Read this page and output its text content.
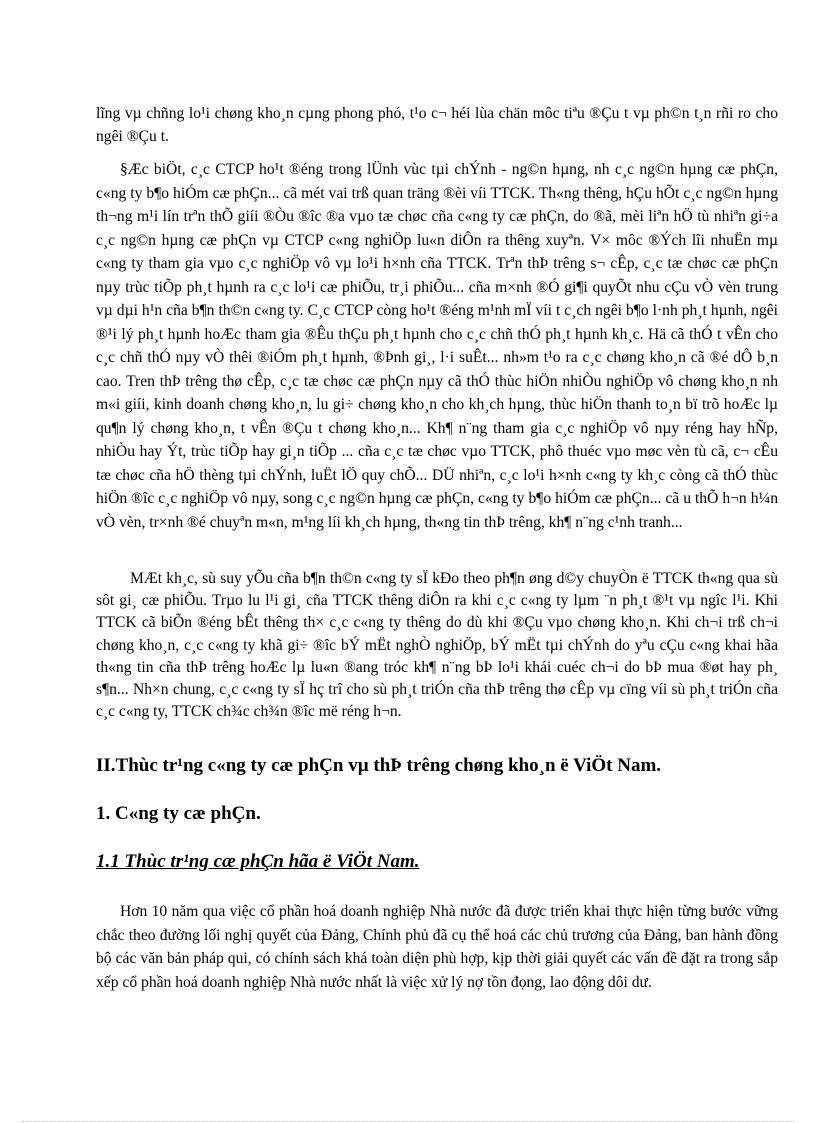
lĩng vµ chñng lo¹i chøng kho¸n cµng phong phó, t¹o c¬ héi lùa chän môc tiªu ®Çu t vµ ph©n t¸n rñi ro cho ngêi ®Çu t.

§Æc biÖt, c¸c CTCP ho¹t ®éng trong lÜnh vùc tµi chÝnh - ng©n hµng, nh c¸c ng©n hµng cæ phÇn, c«ng ty b¶o hiÓm cæ phÇn... cã mét vai trß quan träng ®èi víi TTCK. Th«ng thêng, hÇu hÕt c¸c ng©n hµng th¬ng m¹i lín trªn thÕ giíi ®Òu ®îc ®a vµo tæ chøc cña c«ng ty cæ phÇn, do ®ã, mèi liªn hÖ tù nhiªn gi÷a c¸c ng©n hµng cæ phÇn vµ CTCP c«ng nghiÖp lu«n diÔn ra thêng xuyªn. V× môc ®Ých lîi nhuËn mµ c«ng ty tham gia vµo c¸c nghiÖp vô vµ lo¹i h×nh cña TTCK. Trªn thÞ trêng s¬ cÊp, c¸c tæ chøc cæ phÇn nµy trùc tiÕp ph¸t hµnh ra c¸c lo¹i cæ phiÕu, tr¸i phiÕu... cña m×nh ®Ó gi¶i quyÕt nhu cÇu vÒ vèn trung vµ dµi h¹n cña b¶n th©n c«ng ty. C¸c CTCP còng ho¹t ®éng m¹nh mÏ víi t c¸ch ngêi b¶o l·nh ph¸t hµnh, ngêi ®¹i lý ph¸t hµnh hoÆc tham gia ®Êu thÇu ph¸t hµnh cho c¸c chñ thÓ ph¸t hµnh kh¸c. Hä cã thÓ t vÊn cho c¸c chñ thÓ nµy vÒ thêi ®iÓm ph¸t hµnh, ®Þnh gi¸, l·i suÊt... nh»m t¹o ra c¸c chøng kho¸n cã ®é dÔ b¸n cao. Tren thÞ trêng thø cÊp, c¸c tæ chøc cæ phÇn nµy cã thÓ thùc hiÖn nhiÒu nghiÖp vô chøng kho¸n nh m«i giíi, kinh doanh chøng kho¸n, lu gi÷ chøng kho¸n cho kh¸ch hµng, thùc hiÖn thanh to¸n bï trõ hoÆc lµ qu¶n lý chøng kho¸n, t vÊn ®Çu t chøng kho¸n... Kh¶ n¨ng tham gia c¸c nghiÖp vô nµy réng hay hÑp, nhiÒu hay Ýt, trùc tiÕp hay gi¸n tiÕp ... cña c¸c tæ chøc vµo TTCK, phô thuéc vµo møc vèn tù cã, c¬ cÊu tæ chøc cña hÖ thèng tµi chÝnh, luËt lÖ quy chÕ... DÜ nhiªn, c¸c lo¹i h×nh c«ng ty kh¸c còng cã thÓ thùc hiÖn ®îc c¸c nghiÖp vô nµy, song c¸c ng©n hµng cæ phÇn, c«ng ty b¶o hiÓm cæ phÇn... cã u thÕ h¬n h¼n vÒ vèn, tr×nh ®é chuyªn m«n, m¹ng líi kh¸ch hµng, th«ng tin thÞ trêng, kh¶ n¨ng c¹nh tranh...

MÆt kh¸c, sù suy yÕu cña b¶n th©n c«ng ty sÏ kÐo theo ph¶n øng d©y chuyÒn ë TTCK th«ng qua sù sôt gi¸ cæ phiÕu. Trµo lu l¹i gi¸ cña TTCK thêng diÔn ra khi c¸c c«ng ty lµm ¨n ph¸t ®¹t vµ ngîc l¹i. Khi TTCK cã biÕn ®éng bÊt thêng th× c¸c c«ng ty thêng do dù khi ®Çu vµo chøng kho¸n. Khi ch¬i trß ch¬i chøng kho¸n, c¸c c«ng ty khã gi÷ ®îc bÝ mËt nghÒ nghiÖp, bÝ mËt tµi chÝnh do yªu cÇu c«ng khai hãa th«ng tin cña thÞ trêng hoÆc lµ lu«n ®ang tróc kh¶ n¨ng bÞ lo¹i khái cuéc ch¬i do bÞ mua ®øt hay ph¸ s¶n... Nh×n chung, c¸c c«ng ty sÏ hç trî cho sù ph¸t triÓn cña thÞ trêng thø cÊp vµ cïng víi sù ph¸t triÓn cña c¸c c«ng ty, TTCK ch¾c ch¾n ®îc më réng h¬n.

II.Thùc tr¹ng c«ng ty cæ phÇn vµ thÞ trêng chøng kho¸n ë ViÖt Nam.
1. C«ng ty cæ phÇn.
1.1 Thùc tr¹ng cæ phÇn hãa ë ViÖt Nam.

Hơn 10 năm qua việc cổ phần hoá doanh nghiệp Nhà nước đã được triển khai thực hiện từng bước vững chắc theo đường lối nghị quyết của Đảng, Chính phủ đã cụ thể hoá các chủ trương của Đảng, ban hành đồng bộ các văn bản pháp qui, có chính sách khá toàn diện phù hợp, kịp thời giải quyết các vấn đề đặt ra trong sắp xếp cổ phần hoá doanh nghiệp Nhà nước nhất là việc xử lý nợ tồn đọng, lao động dôi dư.
